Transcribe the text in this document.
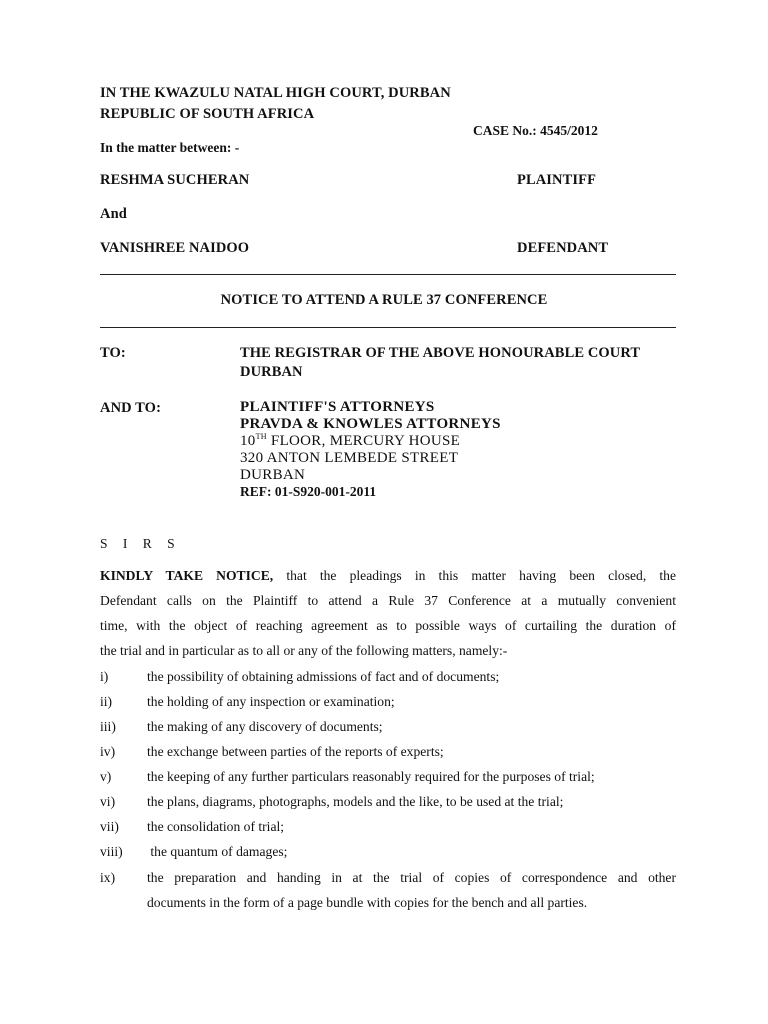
IN THE KWAZULU NATAL HIGH COURT, DURBAN
REPUBLIC OF SOUTH AFRICA
CASE No.: 4545/2012
In the matter between: -
RESHMA SUCHERAN	PLAINTIFF
And
VANISHREE NAIDOO	DEFENDANT
NOTICE TO ATTEND A RULE 37 CONFERENCE
TO:	THE REGISTRAR OF THE ABOVE HONOURABLE COURT
DURBAN
AND TO:	PLAINTIFF'S ATTORNEYS
PRAVDA & KNOWLES ATTORNEYS
10TH FLOOR, MERCURY HOUSE
320 ANTON LEMBEDE STREET
DURBAN
REF: 01-S920-001-2011
S I R S
KINDLY TAKE NOTICE, that the pleadings in this matter having been closed, the
Defendant calls on the Plaintiff to attend a Rule 37 Conference at a mutually convenient
time, with the object of reaching agreement as to possible ways of curtailing the duration of
the trial and in particular as to all or any of the following matters, namely:-
i)	the possibility of obtaining admissions of fact and of documents;
ii)	the holding of any inspection or examination;
iii) the making of any discovery of documents;
iv) the exchange between parties of the reports of experts;
v)	the keeping of any further particulars reasonably required for the purposes of trial;
vi) the plans, diagrams, photographs, models and the like, to be used at the trial;
vii) the consolidation of trial;
viii) the quantum of damages;
ix) the preparation and handing in at the trial of copies of correspondence and other
documents in the form of a page bundle with copies for the bench and all parties.
